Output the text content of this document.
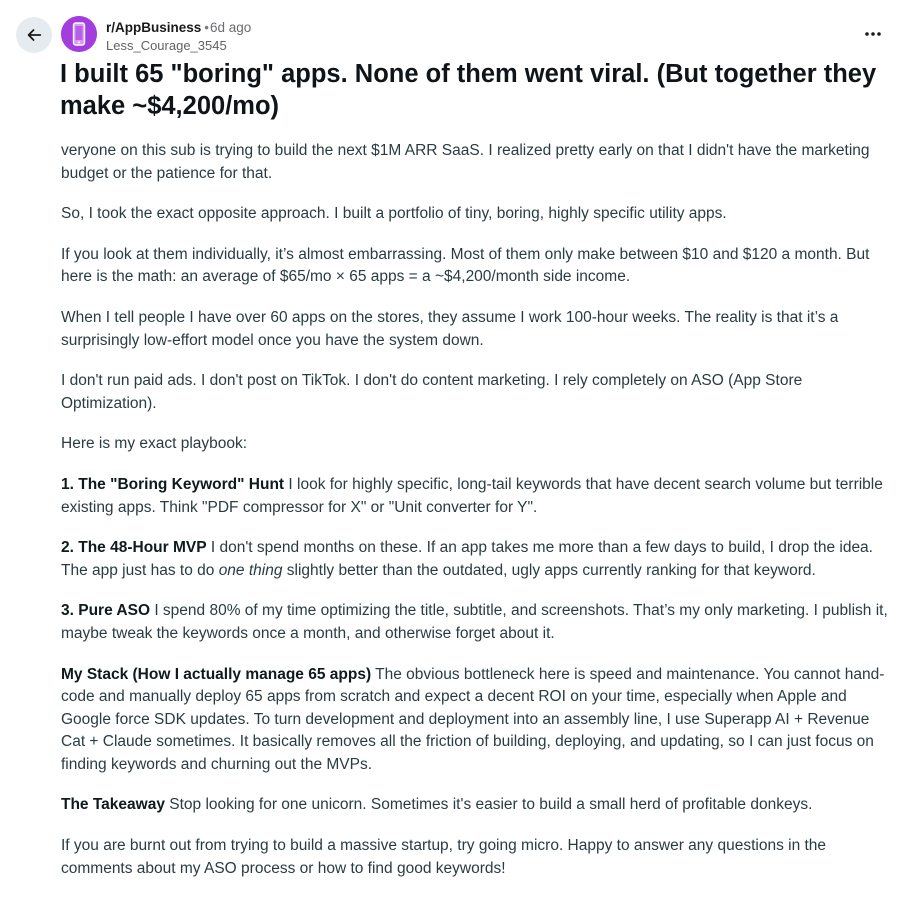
r/AppBusiness •6d ago
Less_Courage_3545
I built 65 "boring" apps. None of them went viral. (But together they make ~$4,200/mo)

veryone on this sub is trying to build the next $1M ARR SaaS. I realized pretty early on that I didn't have the marketing budget or the patience for that.

So, I took the exact opposite approach. I built a portfolio of tiny, boring, highly specific utility apps.

If you look at them individually, it’s almost embarrassing. Most of them only make between $10 and $120 a month. But here is the math: an average of $65/mo × 65 apps = a ~$4,200/month side income.

When I tell people I have over 60 apps on the stores, they assume I work 100-hour weeks. The reality is that it’s a surprisingly low-effort model once you have the system down.

I don't run paid ads. I don't post on TikTok. I don't do content marketing. I rely completely on ASO (App Store Optimization).

Here is my exact playbook:

1. The "Boring Keyword" Hunt I look for highly specific, long-tail keywords that have decent search volume but terrible existing apps. Think "PDF compressor for X" or "Unit converter for Y".

2. The 48-Hour MVP I don't spend months on these. If an app takes me more than a few days to build, I drop the idea. The app just has to do one thing slightly better than the outdated, ugly apps currently ranking for that keyword.

3. Pure ASO I spend 80% of my time optimizing the title, subtitle, and screenshots. That’s my only marketing. I publish it, maybe tweak the keywords once a month, and otherwise forget about it.

My Stack (How I actually manage 65 apps) The obvious bottleneck here is speed and maintenance. You cannot hand-code and manually deploy 65 apps from scratch and expect a decent ROI on your time, especially when Apple and Google force SDK updates. To turn development and deployment into an assembly line, I use Superapp AI + Revenue Cat + Claude sometimes. It basically removes all the friction of building, deploying, and updating, so I can just focus on finding keywords and churning out the MVPs.

The Takeaway Stop looking for one unicorn. Sometimes it's easier to build a small herd of profitable donkeys.

If you are burnt out from trying to build a massive startup, try going micro. Happy to answer any questions in the comments about my ASO process or how to find good keywords!
